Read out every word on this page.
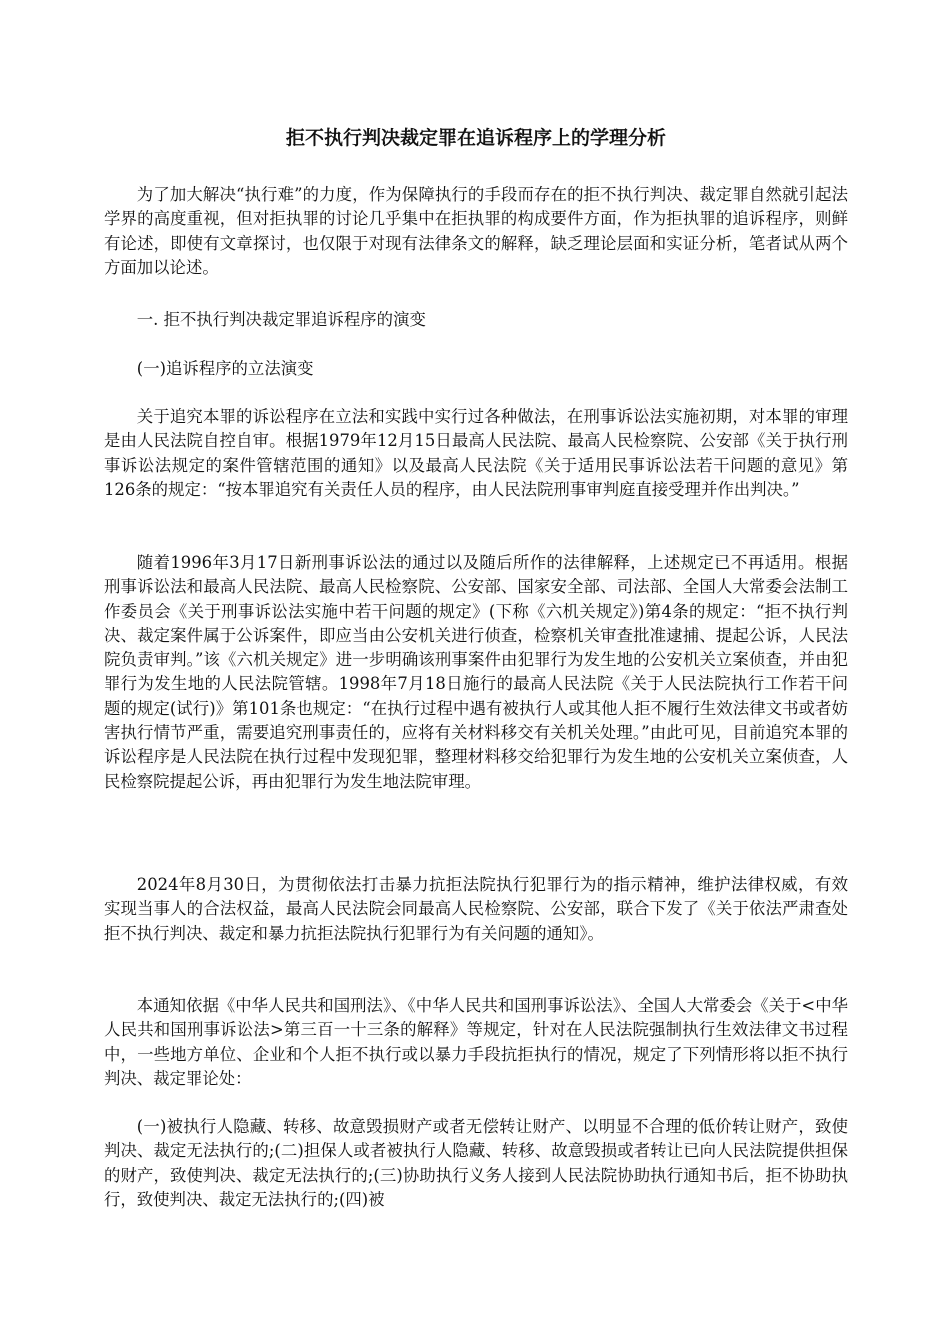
拒不执行判决裁定罪在追诉程序上的学理分析

为了加大解决“执行难”的力度，作为保障执行的手段而存在的拒不执行判决、裁定罪自然就引起法学界的高度重视，但对拒执罪的讨论几乎集中在拒执罪的构成要件方面，作为拒执罪的追诉程序，则鲜有论述，即使有文章探讨，也仅限于对现有法律条文的解释，缺乏理论层面和实证分析，笔者试从两个方面加以论述。

一. 拒不执行判决裁定罪追诉程序的演变

(一)追诉程序的立法演变

关于追究本罪的诉讼程序在立法和实践中实行过各种做法，在刑事诉讼法实施初期，对本罪的审理是由人民法院自控自审。根据1979年12月15日最高人民法院、最高人民检察院、公安部《关于执行刑事诉讼法规定的案件管辖范围的通知》以及最高人民法院《关于适用民事诉讼法若干问题的意见》第126条的规定：“按本罪追究有关责任人员的程序，由人民法院刑事审判庭直接受理并作出判决。”

随着1996年3月17日新刑事诉讼法的通过以及随后所作的法律解释，上述规定已不再适用。根据刑事诉讼法和最高人民法院、最高人民检察院、公安部、国家安全部、司法部、全国人大常委会法制工作委员会《关于刑事诉讼法实施中若干问题的规定》(下称《六机关规定》)第4条的规定：“拒不执行判决、裁定案件属于公诉案件，即应当由公安机关进行侦查，检察机关审查批准逮捕、提起公诉，人民法院负责审判。”该《六机关规定》进一步明确该刑事案件由犯罪行为发生地的公安机关立案侦查，并由犯罪行为发生地的人民法院管辖。1998年7月18日施行的最高人民法院《关于人民法院执行工作若干问题的规定(试行)》第101条也规定：“在执行过程中遇有被执行人或其他人拒不履行生效法律文书或者妨害执行情节严重，需要追究刑事责任的，应将有关材料移交有关机关处理。”由此可见，目前追究本罪的诉讼程序是人民法院在执行过程中发现犯罪，整理材料移交给犯罪行为发生地的公安机关立案侦查，人民检察院提起公诉，再由犯罪行为发生地法院审理。

2024年8月30日，为贯彻依法打击暴力抗拒法院执行犯罪行为的指示精神，维护法律权威，有效实现当事人的合法权益，最高人民法院会同最高人民检察院、公安部，联合下发了《关于依法严肃查处拒不执行判决、裁定和暴力抗拒法院执行犯罪行为有关问题的通知》。

本通知依据《中华人民共和国刑法》、《中华人民共和国刑事诉讼法》、全国人大常委会《关于<中华人民共和国刑事诉讼法>第三百一十三条的解释》等规定，针对在人民法院强制执行生效法律文书过程中，一些地方单位、企业和个人拒不执行或以暴力手段抗拒执行的情况，规定了下列情形将以拒不执行判决、裁定罪论处：

(一)被执行人隐藏、转移、故意毁损财产或者无偿转让财产、以明显不合理的低价转让财产，致使判决、裁定无法执行的;(二)担保人或者被执行人隐藏、转移、故意毁损或者转让已向人民法院提供担保的财产，致使判决、裁定无法执行的;(三)协助执行义务人接到人民法院协助执行通知书后，拒不协助执行，致使判决、裁定无法执行的;(四)被
